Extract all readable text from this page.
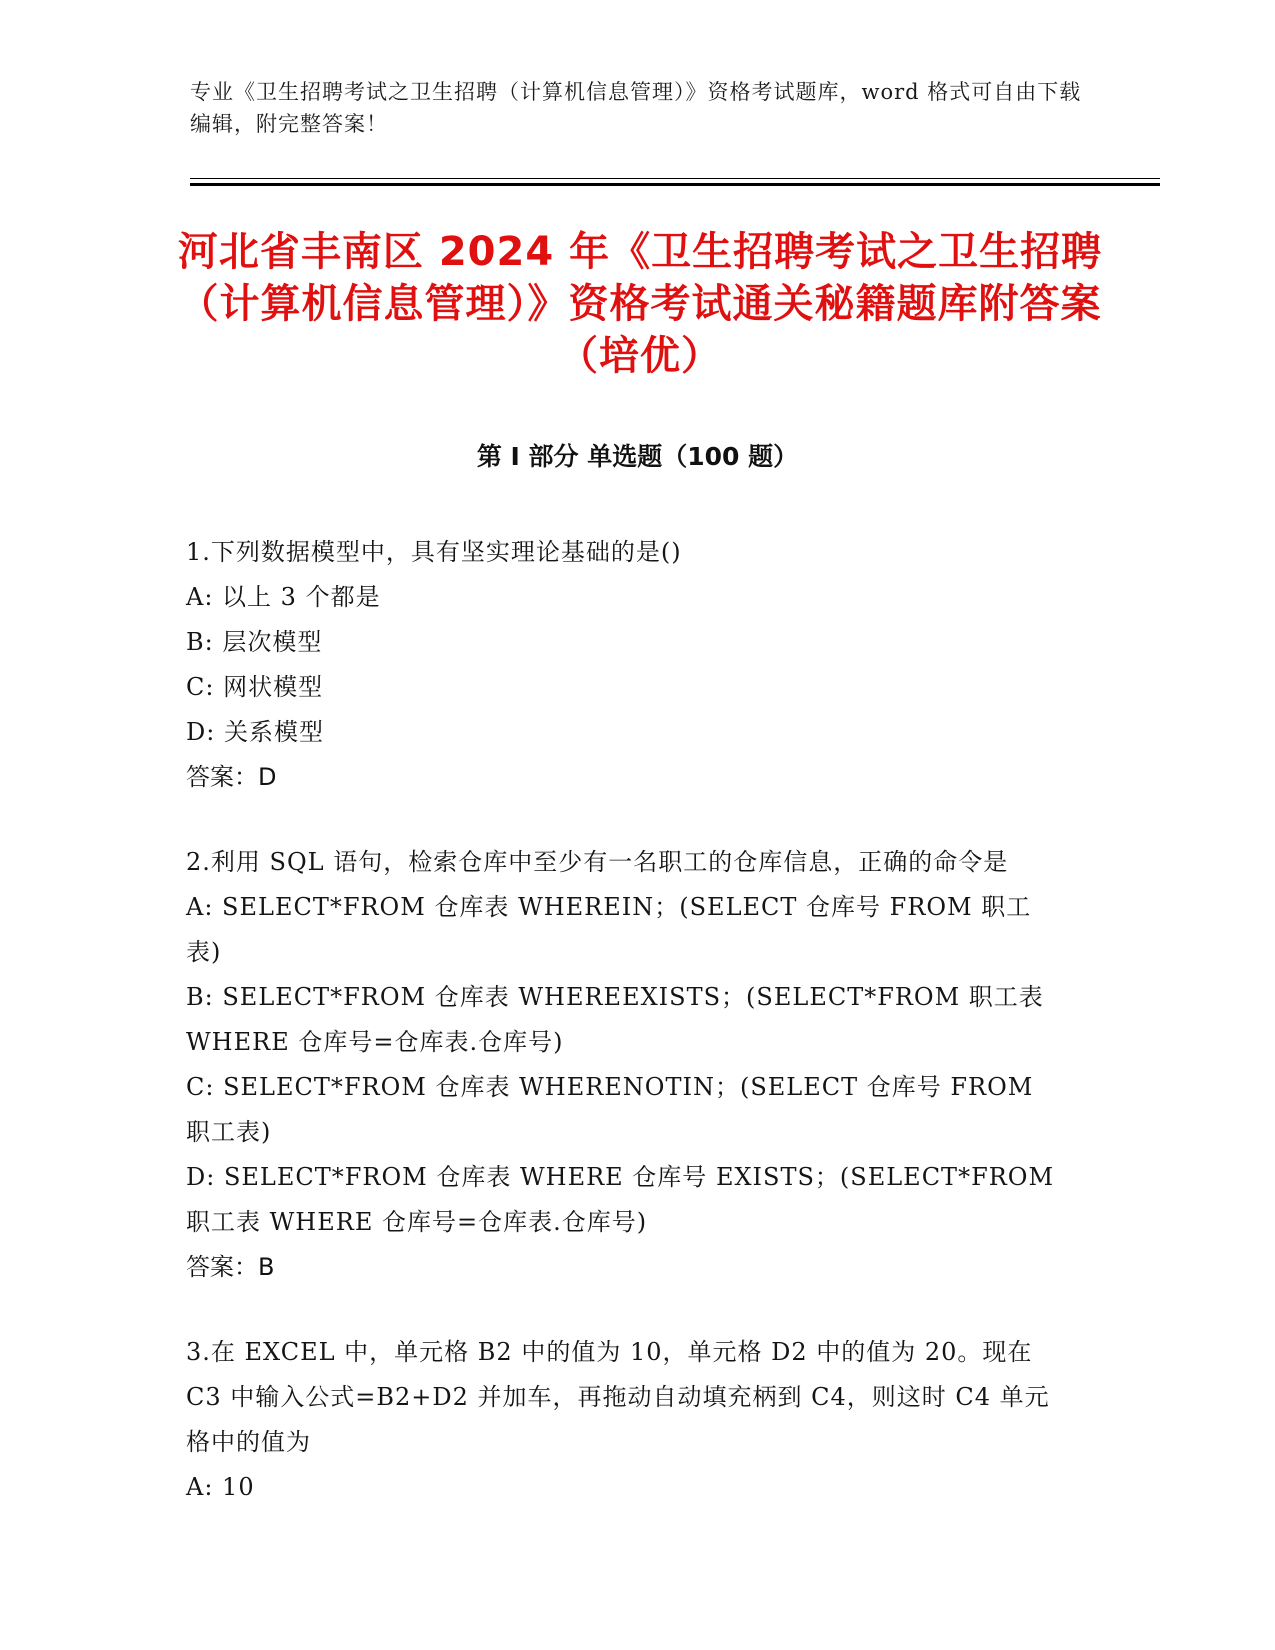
专业《卫生招聘考试之卫生招聘（计算机信息管理）》资格考试题库，word 格式可自由下载编辑，附完整答案！
河北省丰南区 2024 年《卫生招聘考试之卫生招聘（计算机信息管理）》资格考试通关秘籍题库附答案（培优）
第 I 部分 单选题（100 题）

1.下列数据模型中，具有坚实理论基础的是()

A: 以上 3 个都是

B: 层次模型

C: 网状模型

D: 关系模型

答案：D

2.利用 SQL 语句，检索仓库中至少有一名职工的仓库信息，正确的命令是

A: SELECT*FROM 仓库表 WHEREIN；(SELECT 仓库号 FROM 职工表)

B: SELECT*FROM 仓库表 WHEREEXISTS；(SELECT*FROM 职工表 WHERE 仓库号=仓库表.仓库号)

C: SELECT*FROM 仓库表 WHERENOTIN；(SELECT 仓库号 FROM 职工表)

D: SELECT*FROM 仓库表 WHERE 仓库号 EXISTS；(SELECT*FROM 职工表 WHERE 仓库号=仓库表.仓库号)

答案：B

3.在 EXCEL 中，单元格 B2 中的值为 10，单元格 D2 中的值为 20。现在 C3 中输入公式=B2+D2 并加车，再拖动自动填充柄到 C4，则这时 C4 单元格中的值为

A: 10
